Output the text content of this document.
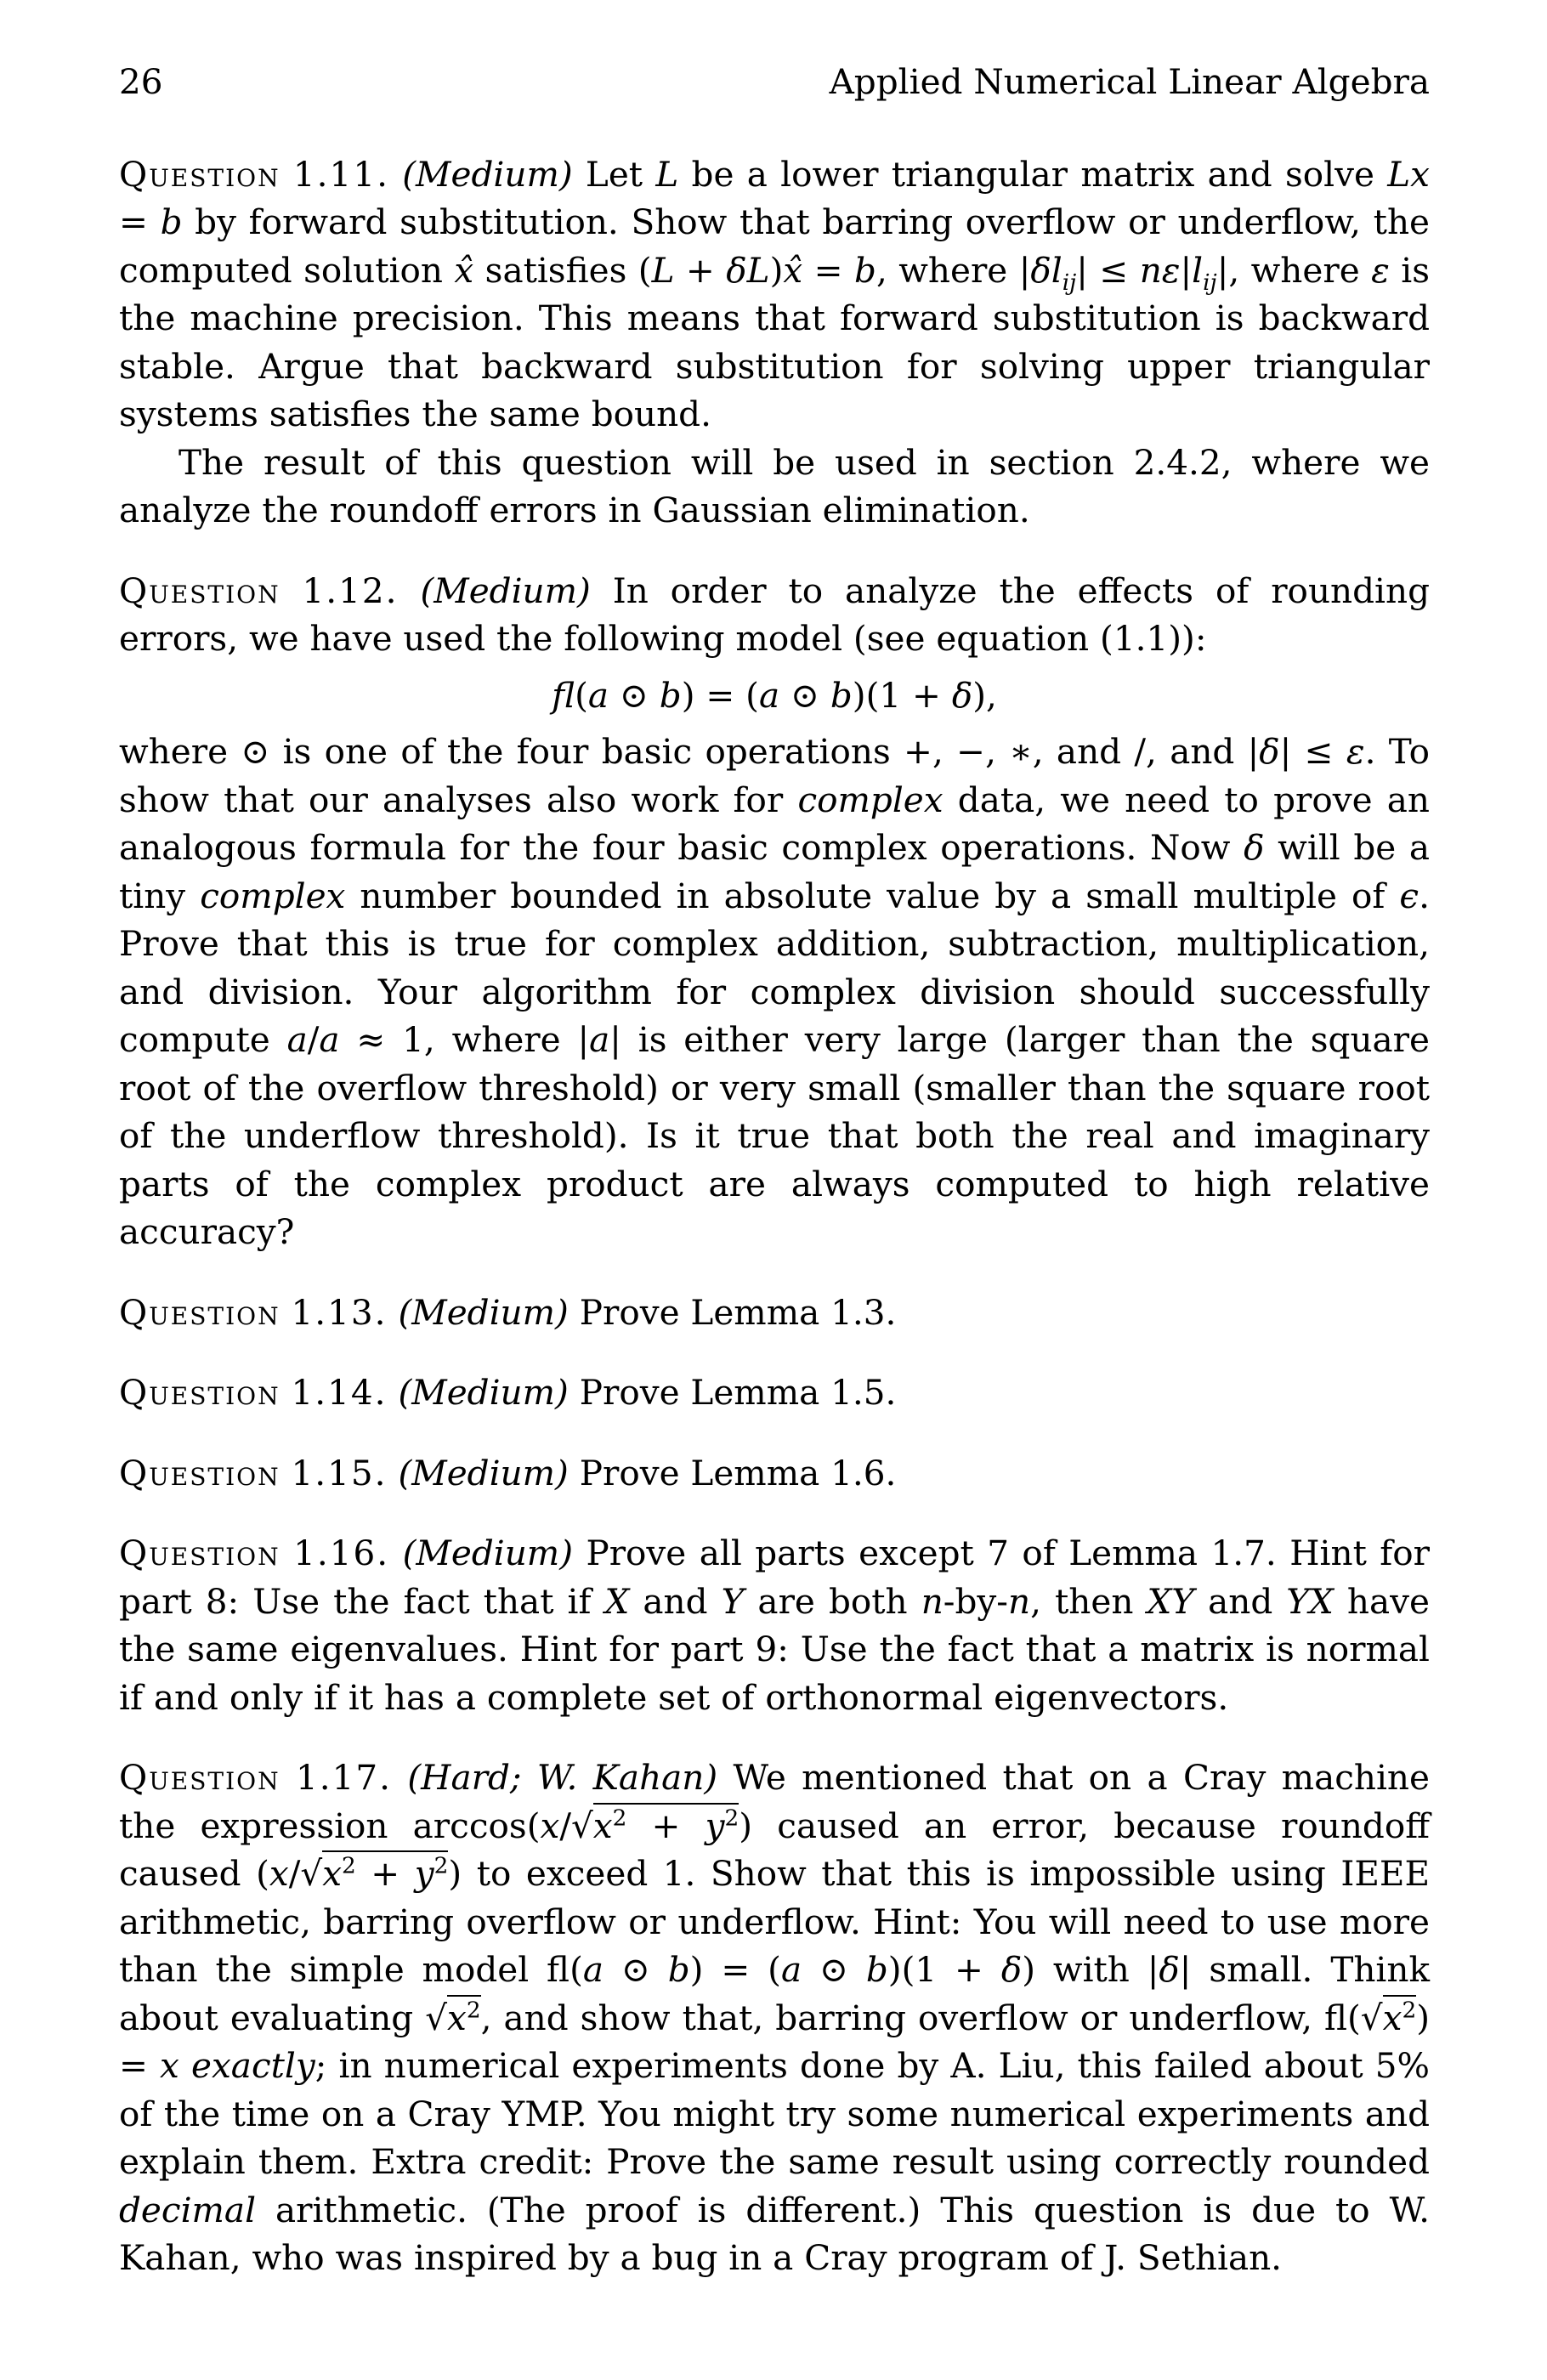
26	Applied Numerical Linear Algebra

Question 1.11. (Medium) Let L be a lower triangular matrix and solve Lx = b by forward substitution. Show that barring overflow or underflow, the computed solution x̂ satisfies (L + δL)x̂ = b, where $|\delta l_{ij}| \le n\varepsilon|l_{ij}|$, where ε is the machine precision. This means that forward substitution is backward stable. Argue that backward substitution for solving upper triangular systems satisfies the same bound.

The result of this question will be used in section 2.4.2, where we analyze the roundoff errors in Gaussian elimination.

Question 1.12. (Medium) In order to analyze the effects of rounding errors, we have used the following model (see equation (1.1)):

fl(a ⊙ b) = (a ⊙ b)(1 + δ),

where ⊙ is one of the four basic operations +, −, ∗, and /, and |δ| ≤ ε. To show that our analyses also work for complex data, we need to prove an analogous formula for the four basic complex operations. Now δ will be a tiny complex number bounded in absolute value by a small multiple of ϵ. Prove that this is true for complex addition, subtraction, multiplication, and division. Your algorithm for complex division should successfully compute a/a ≈ 1, where |a| is either very large (larger than the square root of the overflow threshold) or very small (smaller than the square root of the underflow threshold). Is it true that both the real and imaginary parts of the complex product are always computed to high relative accuracy?

Question 1.13. (Medium) Prove Lemma 1.3.

Question 1.14. (Medium) Prove Lemma 1.5.

Question 1.15. (Medium) Prove Lemma 1.6.

Question 1.16. (Medium) Prove all parts except 7 of Lemma 1.7. Hint for part 8: Use the fact that if X and Y are both n-by-n, then XY and YX have the same eigenvalues. Hint for part 9: Use the fact that a matrix is normal if and only if it has a complete set of orthonormal eigenvectors.

Question 1.17. (Hard; W. Kahan) We mentioned that on a Cray machine the expression $\arccos(x/√x^2 + y^2)$ caused an error, because roundoff caused $(x/√x^2 + y^2)$ to exceed 1. Show that this is impossible using IEEE arithmetic, barring overflow or underflow. Hint: You will need to use more than the simple model fl(a ⊙ b) = (a ⊙ b)(1 + δ) with |δ| small. Think about evaluating $√x^2$, and show that, barring overflow or underflow, $fl(√x^2) = x$ exactly; in numerical experiments done by A. Liu, this failed about 5% of the time on a Cray YMP. You might try some numerical experiments and explain them. Extra credit: Prove the same result using correctly rounded decimal arithmetic. (The proof is different.) This question is due to W. Kahan, who was inspired by a bug in a Cray program of J. Sethian.
